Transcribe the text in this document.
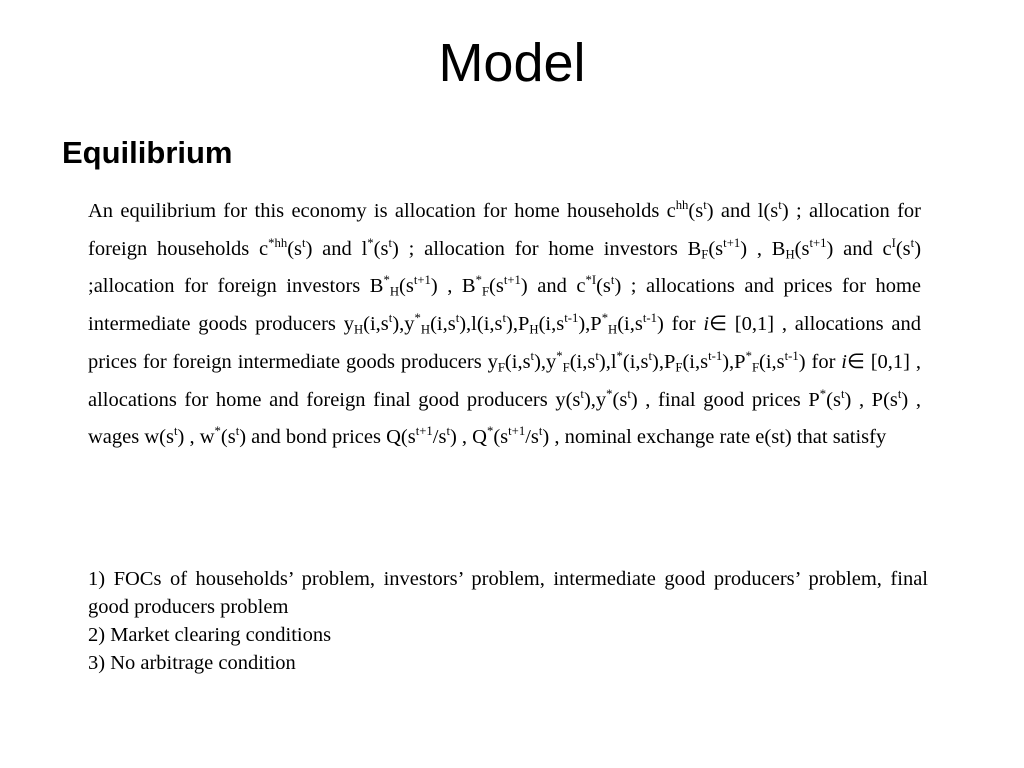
Model
Equilibrium

An equilibrium for this economy is allocation for home households $c^{hh}(s^t)$ and $l(s^t)$ ; allocation for foreign households $c^{*hh}(s^t)$ and $l^*(s^t)$ ; allocation for home investors $B_F(s^{t+1})$ , $B_H(s^{t+1})$ and $c^I(s^t)$ ;allocation for foreign investors $B^*_H(s^{t+1})$ , $B^*_F(s^{t+1})$ and $c^{*I}(s^t)$ ; allocations and prices for home intermediate goods producers $y_H(i,s^t),y^*_H(i,s^t),l(i,s^t),P_H(i,s^{t-1}),P^*_H(i,s^{t-1})$ for i∈ [0,1] , allocations and prices for foreign intermediate goods producers $y_F(i,s^t),y^*_F(i,s^t),l^*(i,s^t),P_F(i,s^{t-1}),P^*_F(i,s^{t-1})$ for i∈ [0,1] , allocations for home and foreign final good producers $y(s^t),y^*(s^t)$ , final good prices $P^*(s^t)$ , $P(s^t)$ , wages $w(s^t)$ , $w^*(s^t)$ and bond prices $Q(s^{t+1}/s^t)$ , $Q^*(s^{t+1}/s^t)$ , nominal exchange rate e(st) that satisfy

1) FOCs of households’ problem, investors’ problem, intermediate good producers’ problem, final good producers problem
2) Market clearing conditions
3) No arbitrage condition
